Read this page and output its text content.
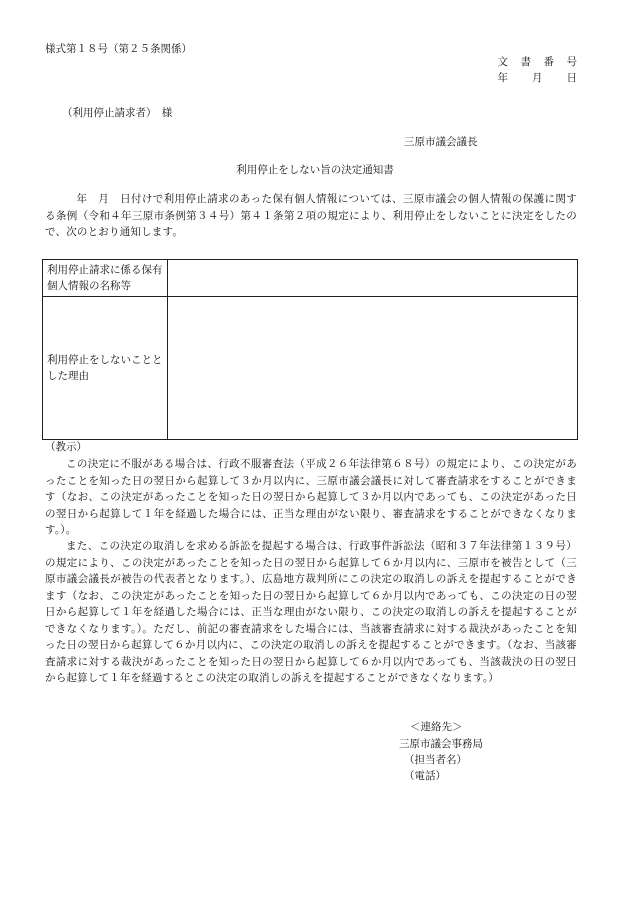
様式第１８号（第２５条関係）
文　書　番　号
年　　月　　日
（利用停止請求者）　様
三原市議会議長
利用停止をしない旨の決定通知書
年　月　日付けで利用停止請求のあった保有個人情報については、三原市議会の個人情報の保護に関する条例（令和４年三原市条例第３４号）第４１条第２項の規定により、利用停止をしないことに決定をしたので、次のとおり通知します。
利用停止請求に係る保有個人情報の名称等	
利用停止をしないこととした理由	
（教示）
この決定に不服がある場合は、行政不服審査法（平成２６年法律第６８号）の規定により、この決定があったことを知った日の翌日から起算して３か月以内に、三原市議会議長に対して審査請求をすることができます（なお、この決定があったことを知った日の翌日から起算して３か月以内であっても、この決定があった日の翌日から起算して１年を経過した場合には、正当な理由がない限り、審査請求をすることができなくなります。）。
また、この決定の取消しを求める訴訟を提起する場合は、行政事件訴訟法（昭和３７年法律第１３９号）の規定により、この決定があったことを知った日の翌日から起算して６か月以内に、三原市を被告として（三原市議会議長が被告の代表者となります。）、広島地方裁判所にこの決定の取消しの訴えを提起することができます（なお、この決定があったことを知った日の翌日から起算して６か月以内であっても、この決定の日の翌日から起算して１年を経過した場合には、正当な理由がない限り、この決定の取消しの訴えを提起することができなくなります。）。ただし、前記の審査請求をした場合には、当該審査請求に対する裁決があったことを知った日の翌日から起算して６か月以内に、この決定の取消しの訴えを提起することができます。（なお、当該審査請求に対する裁決があったことを知った日の翌日から起算して６か月以内であっても、当該裁決の日の翌日から起算して１年を経過するとこの決定の取消しの訴えを提起することができなくなります。）
＜連絡先＞
三原市議会事務局
（担当者名）
（電話）
